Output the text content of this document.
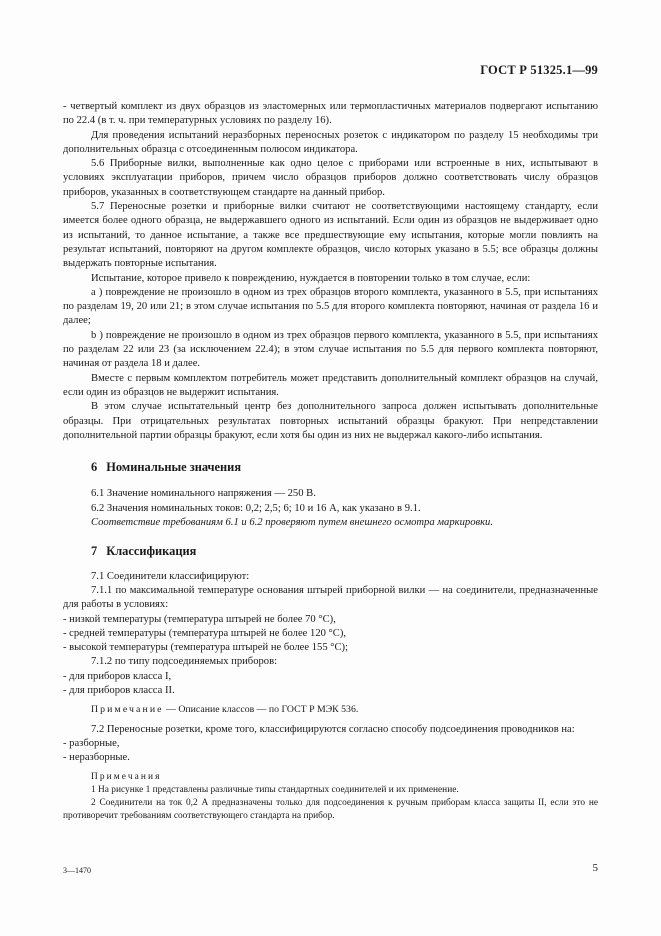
ГОСТ Р 51325.1—99

- четвертый комплект из двух образцов из эластомерных или термопластичных материалов подвергают испытанию по 22.4 (в т. ч. при температурных условиях по разделу 16).

Для проведения испытаний неразборных переносных розеток с индикатором по разделу 15 необходимы три дополнительных образца с отсоединенным полюсом индикатора.

5.6 Приборные вилки, выполненные как одно целое с приборами или встроенные в них, испытывают в условиях эксплуатации приборов, причем число образцов приборов должно соответствовать числу образцов приборов, указанных в соответствующем стандарте на данный прибор.

5.7 Переносные розетки и приборные вилки считают не соответствующими настоящему стандарту, если имеется более одного образца, не выдержавшего одного из испытаний. Если один из образцов не выдерживает одно из испытаний, то данное испытание, а также все предшествующие ему испытания, которые могли повлиять на результат испытаний, повторяют на другом комплекте образцов, число которых указано в 5.5; все образцы должны выдержать повторные испытания.

Испытание, которое привело к повреждению, нуждается в повторении только в том случае, если:

a ) повреждение не произошло в одном из трех образцов второго комплекта, указанного в 5.5, при испытаниях по разделам 19, 20 или 21; в этом случае испытания по 5.5 для второго комплекта повторяют, начиная от раздела 16 и далее;

b ) повреждение не произошло в одном из трех образцов первого комплекта, указанного в 5.5, при испытаниях по разделам 22 или 23 (за исключением 22.4); в этом случае испытания по 5.5 для первого комплекта повторяют, начиная от раздела 18 и далее.

Вместе с первым комплектом потребитель может представить дополнительный комплект образцов на случай, если один из образцов не выдержит испытания.

В этом случае испытательный центр без дополнительного запроса должен испытывать дополнительные образцы. При отрицательных результатах повторных испытаний образцы бракуют. При непредставлении дополнительной партии образцы бракуют, если хотя бы один из них не выдержал какого-либо испытания.

6 Номинальные значения

6.1 Значение номинального напряжения — 250 В.

6.2 Значения номинальных токов: 0,2; 2,5; 6; 10 и 16 А, как указано в 9.1.

Соответствие требованиям 6.1 и 6.2 проверяют путем внешнего осмотра маркировки.

7 Классификация

7.1 Соединители классифицируют:

7.1.1 по максимальной температуре основания штырей приборной вилки — на соединители, предназначенные для работы в условиях:

- низкой температуры (температура штырей не более 70 °С),

- средней температуры (температура штырей не более 120 °С),

- высокой температуры (температура штырей не более 155 °С);

7.1.2 по типу подсоединяемых приборов:

- для приборов класса I,

- для приборов класса II.

Примечание — Описание классов — по ГОСТ Р МЭК 536.

7.2 Переносные розетки, кроме того, классифицируются согласно способу подсоединения проводников на:

- разборные,

- неразборные.

Примечания

1 На рисунке 1 представлены различные типы стандартных соединителей и их применение.

2 Соединители на ток 0,2 А предназначены только для подсоединения к ручным приборам класса защиты II, если это не противоречит требованиям соответствующего стандарта на прибор.

3—1470	5
